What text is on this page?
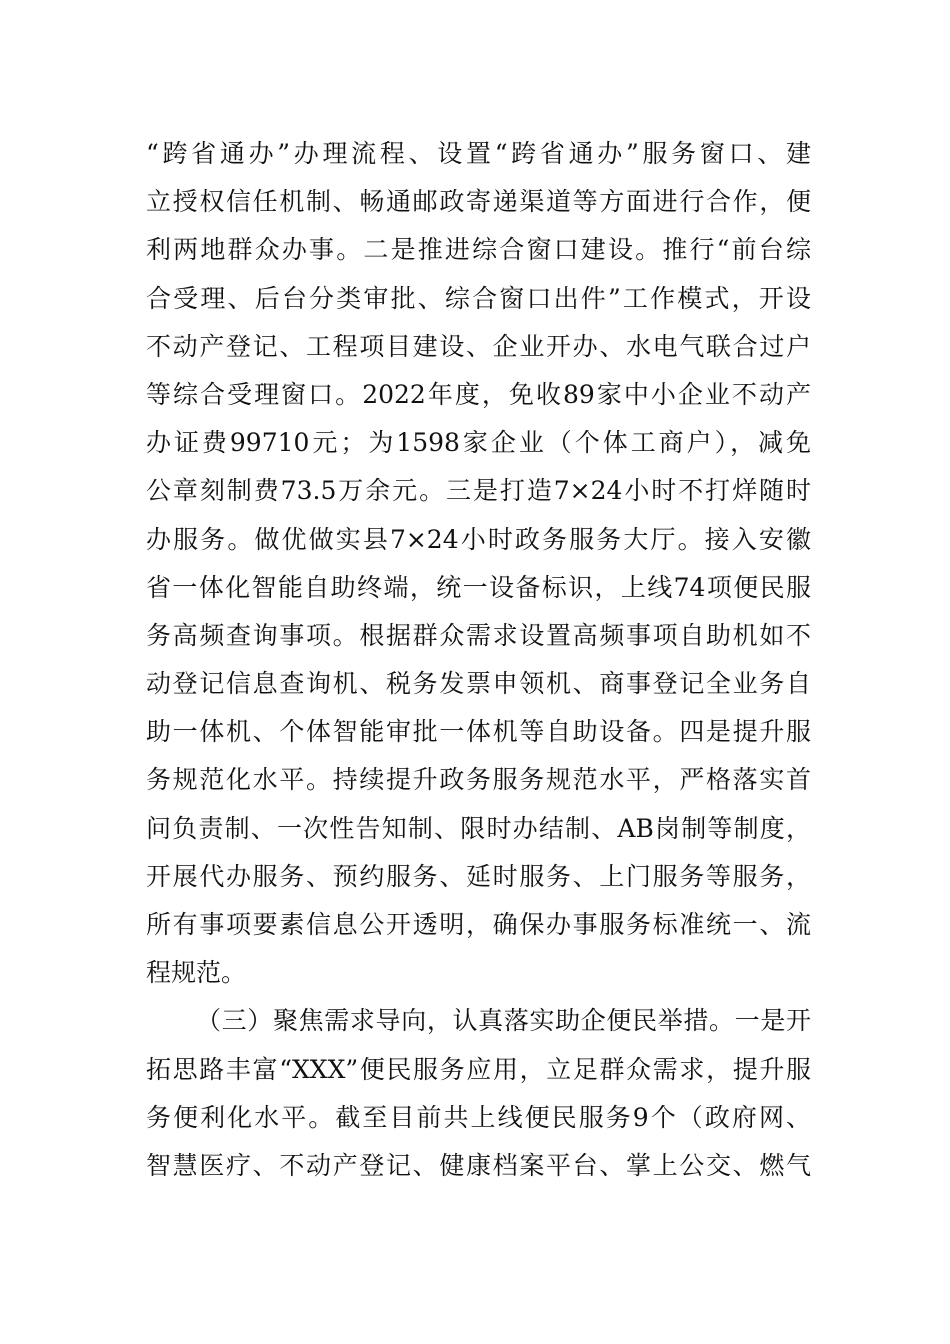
“跨省通办”办理流程、设置“跨省通办”服务窗口、建
立授权信任机制、畅通邮政寄递渠道等方面进行合作，便
利两地群众办事。二是推进综合窗口建设。推行“前台综
合受理、后台分类审批、综合窗口出件”工作模式，开设
不动产登记、工程项目建设、企业开办、水电气联合过户
等综合受理窗口。2022年度，免收89家中小企业不动产
办证费99710元；为1598家企业（个体工商户），减免
公章刻制费73.5万余元。三是打造7×24小时不打烊随时
办服务。做优做实县7×24小时政务服务大厅。接入安徽
省一体化智能自助终端，统一设备标识，上线74项便民服
务高频查询事项。根据群众需求设置高频事项自助机如不
动登记信息查询机、税务发票申领机、商事登记全业务自
助一体机、个体智能审批一体机等自助设备。四是提升服
务规范化水平。持续提升政务服务规范水平，严格落实首
问负责制、一次性告知制、限时办结制、AB岗制等制度，
开展代办服务、预约服务、延时服务、上门服务等服务，
所有事项要素信息公开透明，确保办事服务标准统一、流
程规范。
（三）聚焦需求导向，认真落实助企便民举措。一是开
拓思路丰富“XXX”便民服务应用，立足群众需求，提升服
务便利化水平。截至目前共上线便民服务9个（政府网、
智慧医疗、不动产登记、健康档案平台、掌上公交、燃气
